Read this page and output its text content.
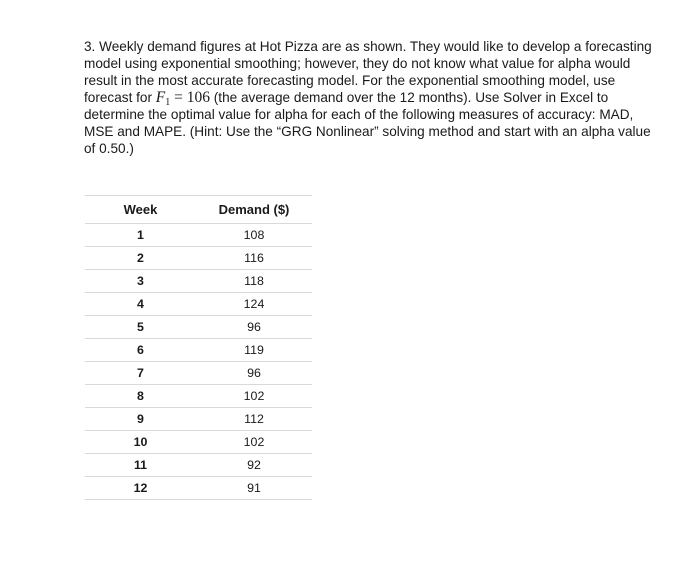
3. Weekly demand figures at Hot Pizza are as shown. They would like to develop a forecasting model using exponential smoothing; however, they do not know what value for alpha would result in the most accurate forecasting model. For the exponential smoothing model, use forecast for $F_1 = 106$ (the average demand over the 12 months). Use Solver in Excel to determine the optimal value for alpha for each of the following measures of accuracy: MAD, MSE and MAPE. (Hint: Use the “GRG Nonlinear” solving method and start with an alpha value of 0.50.)

Week	Demand ($)
1	108
2	116
3	118
4	124
5	96
6	119
7	96
8	102
9	112
10	102
11	92
12	91
